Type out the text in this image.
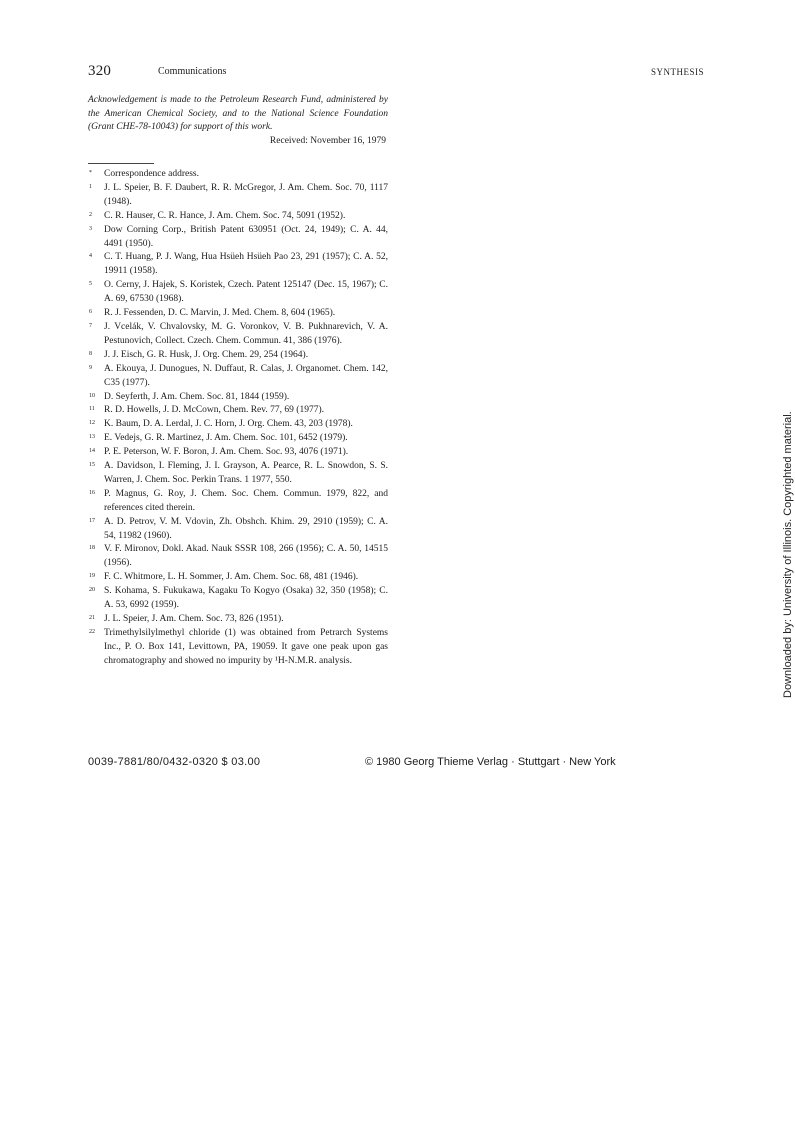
320	Communications	SYNTHESIS
Acknowledgement is made to the Petroleum Research Fund, administered by the American Chemical Society, and to the National Science Foundation (Grant CHE-78-10043) for support of this work.
Received: November 16, 1979
*	Correspondence address.
1	J. L. Speier, B. F. Daubert, R. R. McGregor, J. Am. Chem. Soc. 70, 1117 (1948).
2	C. R. Hauser, C. R. Hance, J. Am. Chem. Soc. 74, 5091 (1952).
3	Dow Corning Corp., British Patent 630951 (Oct. 24, 1949); C. A. 44, 4491 (1950).
4	C. T. Huang, P. J. Wang, Hua Hsüeh Hsüeh Pao 23, 291 (1957); C. A. 52, 19911 (1958).
5	O. Cerny, J. Hajek, S. Koristek, Czech. Patent 125147 (Dec. 15, 1967); C. A. 69, 67530 (1968).
6	R. J. Fessenden, D. C. Marvin, J. Med. Chem. 8, 604 (1965).
7	J. Vcelák, V. Chvalovsky, M. G. Voronkov, V. B. Pukhnarevich, V. A. Pestunovich, Collect. Czech. Chem. Commun. 41, 386 (1976).
8	J. J. Eisch, G. R. Husk, J. Org. Chem. 29, 254 (1964).
9	A. Ekouya, J. Dunogues, N. Duffaut, R. Calas, J. Organomet. Chem. 142, C35 (1977).
10 D. Seyferth, J. Am. Chem. Soc. 81, 1844 (1959).
11 R. D. Howells, J. D. McCown, Chem. Rev. 77, 69 (1977).
12 K. Baum, D. A. Lerdal, J. C. Horn, J. Org. Chem. 43, 203 (1978).
13 E. Vedejs, G. R. Martinez, J. Am. Chem. Soc. 101, 6452 (1979).
14 P. E. Peterson, W. F. Boron, J. Am. Chem. Soc. 93, 4076 (1971).
15 A. Davidson, I. Fleming, J. I. Grayson, A. Pearce, R. L. Snowdon, S. S. Warren, J. Chem. Soc. Perkin Trans. 1 1977, 550.
16 P. Magnus, G. Roy, J. Chem. Soc. Chem. Commun. 1979, 822, and references cited therein.
17 A. D. Petrov, V. M. Vdovin, Zh. Obshch. Khim. 29, 2910 (1959); C. A. 54, 11982 (1960).
18 V. F. Mironov, Dokl. Akad. Nauk SSSR 108, 266 (1956); C. A. 50, 14515 (1956).
19 F. C. Whitmore, L. H. Sommer, J. Am. Chem. Soc. 68, 481 (1946).
20 S. Kohama, S. Fukukawa, Kagaku To Kogyo (Osaka) 32, 350 (1958); C. A. 53, 6992 (1959).
21 J. L. Speier, J. Am. Chem. Soc. 73, 826 (1951).
22 Trimethylsilylmethyl chloride (1) was obtained from Petrarch Systems Inc., P. O. Box 141, Levittown, PA, 19059. It gave one peak upon gas chromatography and showed no impurity by ¹H-N.M.R. analysis.
0039-7881/80/0432-0320 $ 03.00	© 1980 Georg Thieme Verlag · Stuttgart · New York
Downloaded by: University of Illinois. Copyrighted material.
